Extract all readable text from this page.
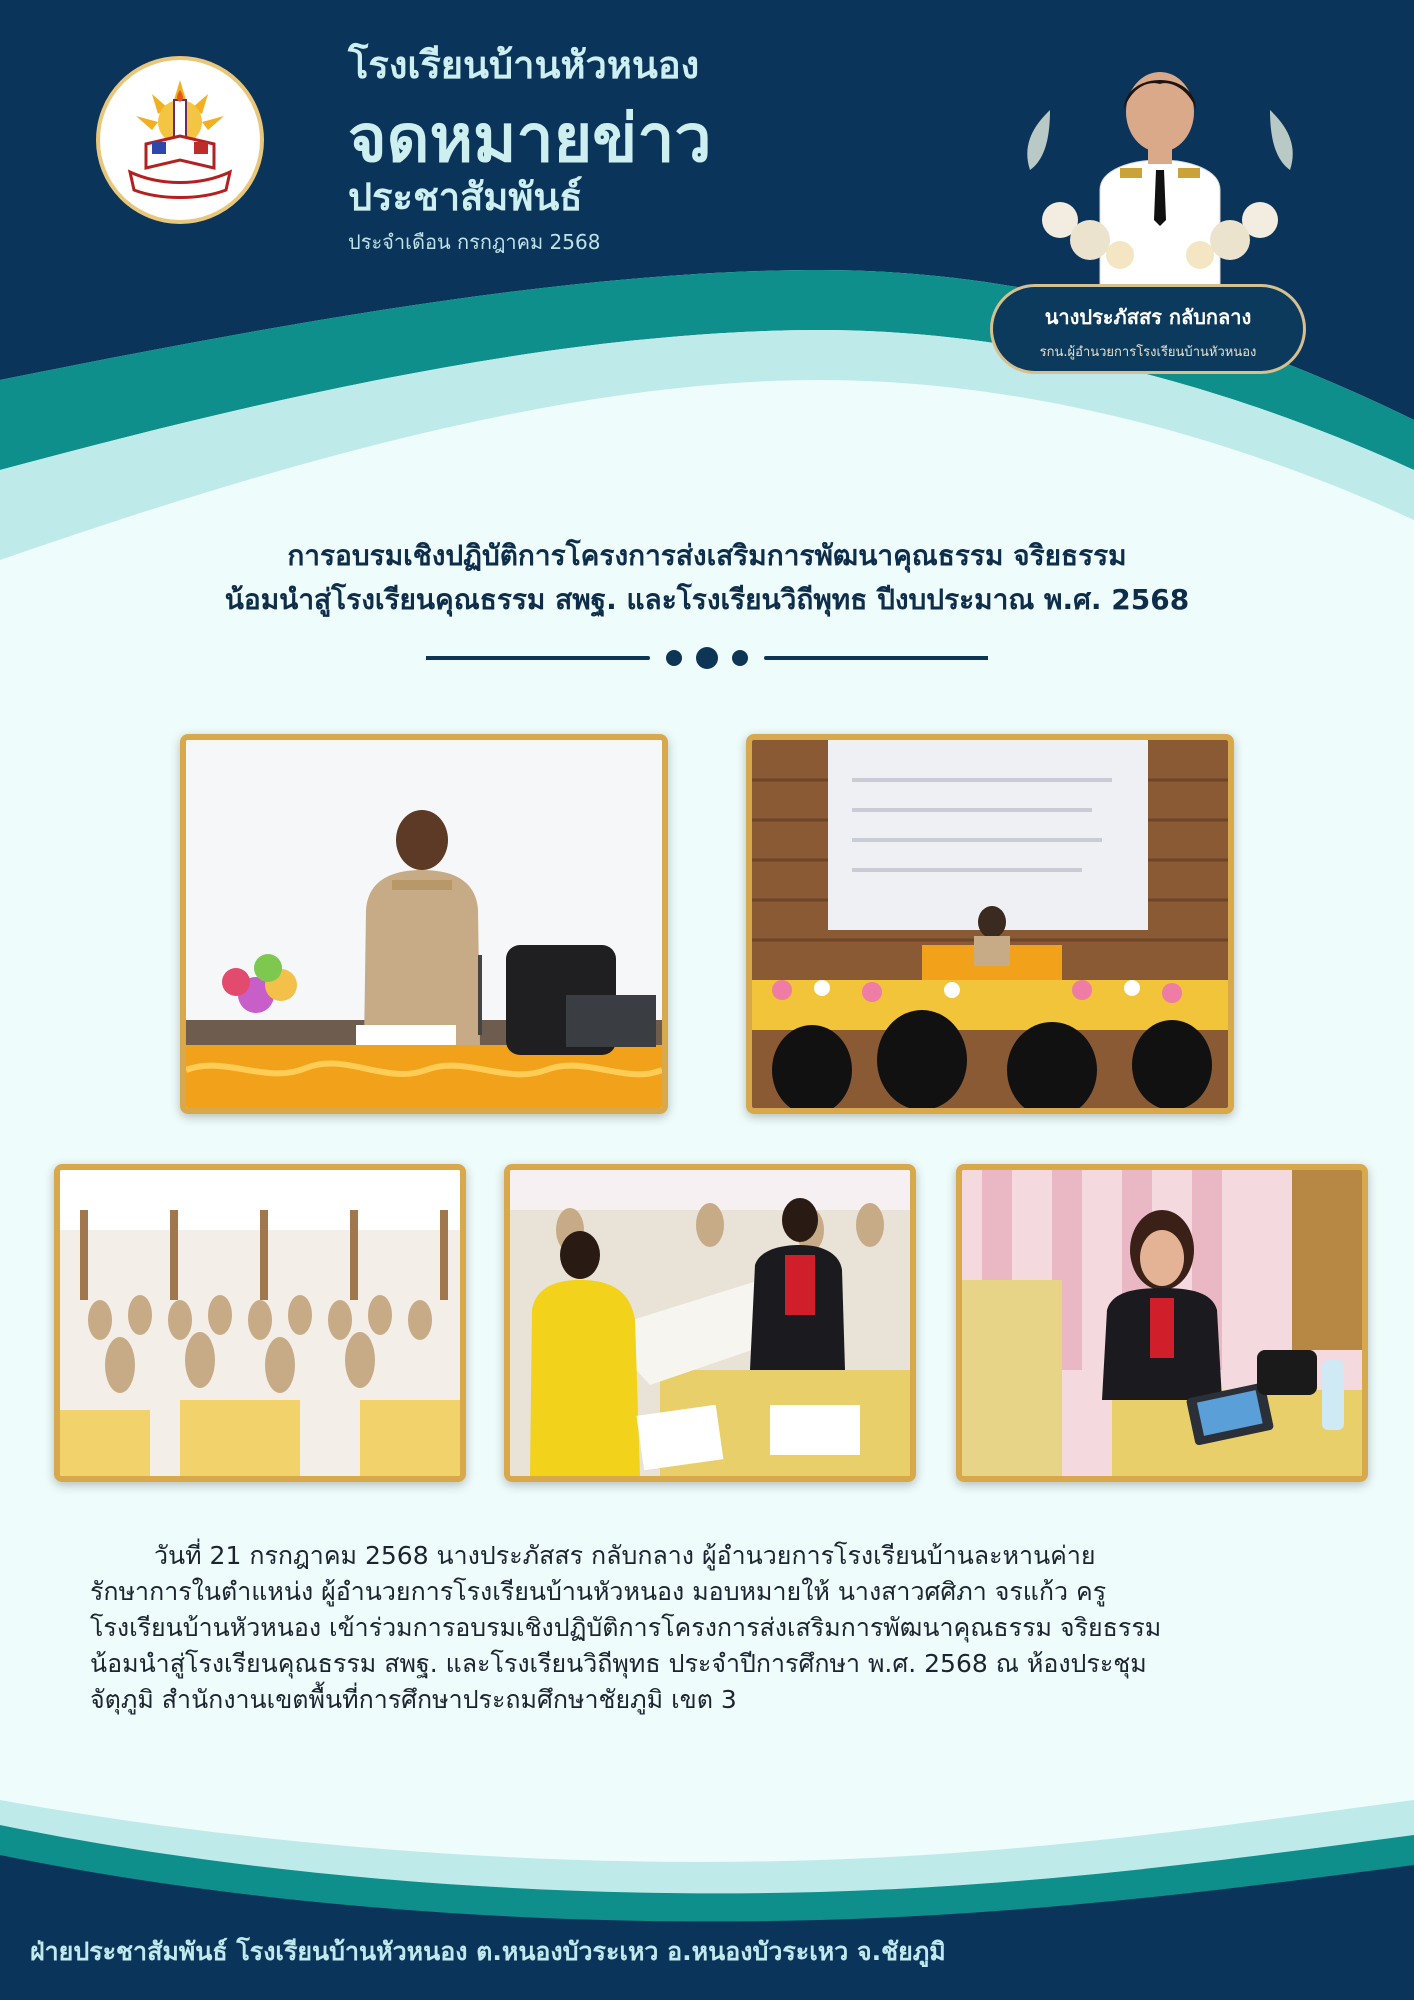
โรงเรียนบ้านหัวหนอง
จดหมายข่าว
ประชาสัมพันธ์
ประจำเดือน กรกฎาคม 2568
นางประภัสสร กลับกลาง
รกน.ผู้อำนวยการโรงเรียนบ้านหัวหนอง
การอบรมเชิงปฏิบัติการโครงการส่งเสริมการพัฒนาคุณธรรม จริยธรรม
น้อมนำสู่โรงเรียนคุณธรรม สพฐ. และโรงเรียนวิถีพุทธ ปีงบประมาณ พ.ศ. 2568
วันที่ 21 กรกฎาคม 2568 นางประภัสสร กลับกลาง ผู้อำนวยการโรงเรียนบ้านละหานค่าย
รักษาการในตำแหน่ง ผู้อำนวยการโรงเรียนบ้านหัวหนอง มอบหมายให้ นางสาวศศิภา จรแก้ว ครู
โรงเรียนบ้านหัวหนอง เข้าร่วมการอบรมเชิงปฏิบัติการโครงการส่งเสริมการพัฒนาคุณธรรม จริยธรรม
น้อมนำสู่โรงเรียนคุณธรรม สพฐ. และโรงเรียนวิถีพุทธ ประจำปีการศึกษา พ.ศ. 2568 ณ ห้องประชุม
จัตุภูมิ สำนักงานเขตพื้นที่การศึกษาประถมศึกษาชัยภูมิ เขต 3
ฝ่ายประชาสัมพันธ์ โรงเรียนบ้านหัวหนอง ต.หนองบัวระเหว อ.หนองบัวระเหว จ.ชัยภูมิ
